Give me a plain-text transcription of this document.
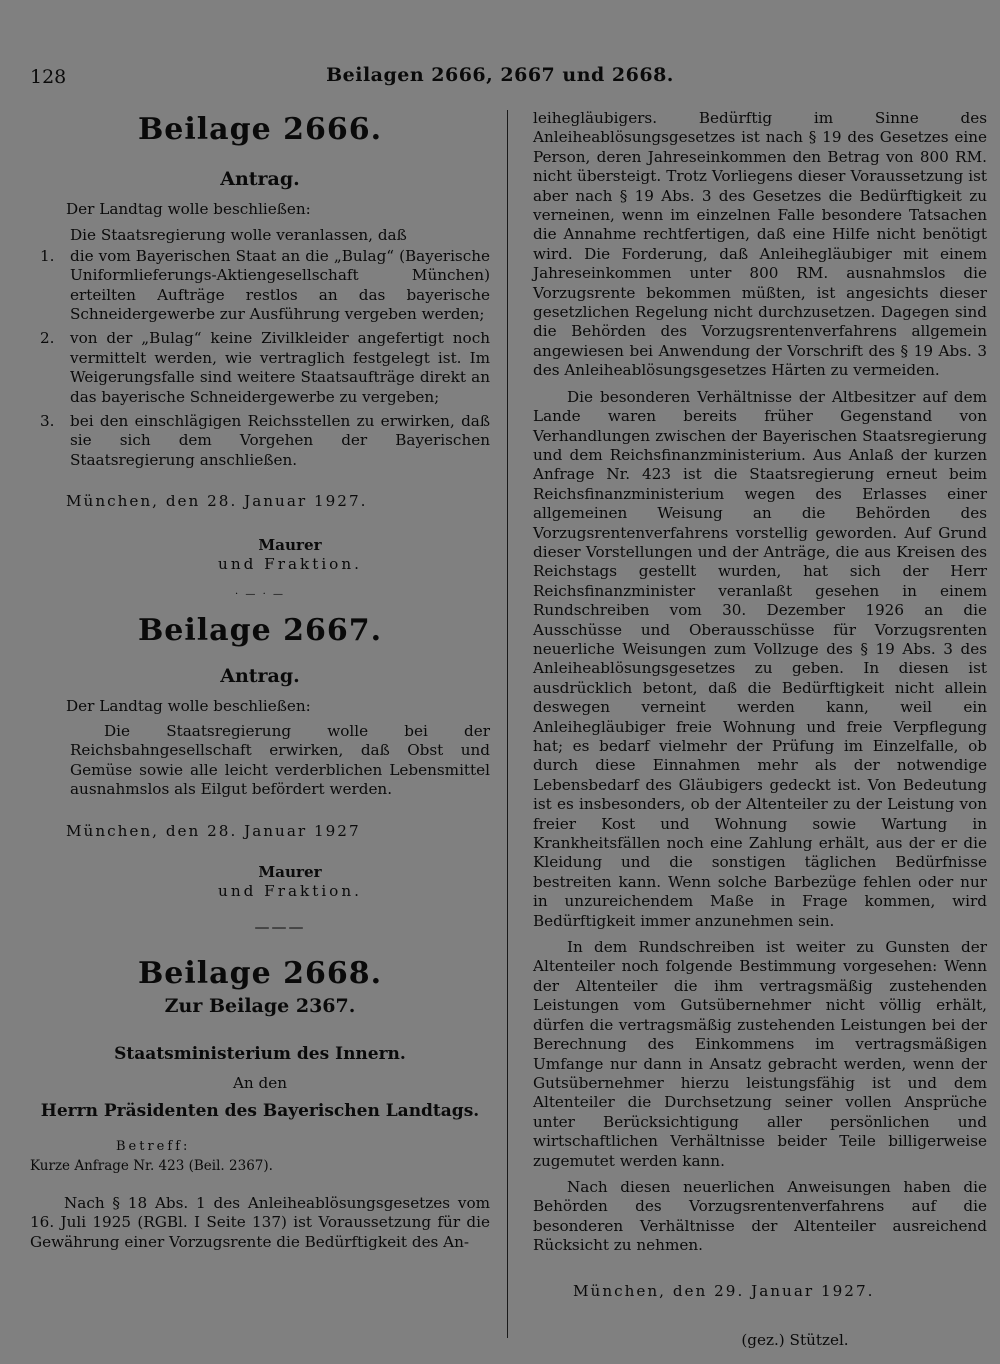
128	Beilagen 2666, 2667 und 2668.
Beilage 2666.
Antrag.

Der Landtag wolle beschließen:

Die Staatsregierung wolle veranlassen, daß

1. die vom Bayerischen Staat an die „Bulag“ (Bayerische Uniformlieferungs-Aktiengesellschaft München) erteilten Aufträge restlos an das bayerische Schneidergewerbe zur Ausführung vergeben werden;
2. von der „Bulag“ keine Zivilkleider angefertigt noch vermittelt werden, wie vertraglich festgelegt ist. Im Weigerungsfalle sind weitere Staatsaufträge direkt an das bayerische Schneidergewerbe zu vergeben;
3. bei den einschlägigen Reichsstellen zu erwirken, daß sie sich dem Vorgehen der Bayerischen Staatsregierung anschließen.

München, den 28. Januar 1927.

Maurer

und Fraktion.

· — · —
Beilage 2667.
Antrag.

Der Landtag wolle beschließen:

Die Staatsregierung wolle bei der Reichsbahngesellschaft erwirken, daß Obst und Gemüse sowie alle leicht verderblichen Lebensmittel ausnahmslos als Eilgut befördert werden.

München, den 28. Januar 1927

Maurer

und Fraktion.

———
Beilage 2668.
Zur Beilage 2367.
Staatsministerium des Innern.

An den

Herrn Präsidenten des Bayerischen Landtags.

Betreff:

Kurze Anfrage Nr. 423 (Beil. 2367).

Nach § 18 Abs. 1 des Anleiheablösungsgesetzes vom 16. Juli 1925 (RGBl. I Seite 137) ist Voraussetzung für die Gewährung einer Vorzugsrente die Bedürftigkeit des An-

leihegläubigers. Bedürftig im Sinne des Anleiheablösungsgesetzes ist nach § 19 des Gesetzes eine Person, deren Jahreseinkommen den Betrag von 800 RM. nicht übersteigt. Trotz Vorliegens dieser Voraussetzung ist aber nach § 19 Abs. 3 des Gesetzes die Bedürftigkeit zu verneinen, wenn im einzelnen Falle besondere Tatsachen die Annahme rechtfertigen, daß eine Hilfe nicht benötigt wird. Die Forderung, daß Anleihegläubiger mit einem Jahreseinkommen unter 800 RM. ausnahmslos die Vorzugsrente bekommen müßten, ist angesichts dieser gesetzlichen Regelung nicht durchzusetzen. Dagegen sind die Behörden des Vorzugsrentenverfahrens allgemein angewiesen bei Anwendung der Vorschrift des § 19 Abs. 3 des Anleiheablösungsgesetzes Härten zu vermeiden.

Die besonderen Verhältnisse der Altbesitzer auf dem Lande waren bereits früher Gegenstand von Verhandlungen zwischen der Bayerischen Staatsregierung und dem Reichsfinanzministerium. Aus Anlaß der kurzen Anfrage Nr. 423 ist die Staatsregierung erneut beim Reichsfinanzministerium wegen des Erlasses einer allgemeinen Weisung an die Behörden des Vorzugsrentenverfahrens vorstellig geworden. Auf Grund dieser Vorstellungen und der Anträge, die aus Kreisen des Reichstags gestellt wurden, hat sich der Herr Reichsfinanzminister veranlaßt gesehen in einem Rundschreiben vom 30. Dezember 1926 an die Ausschüsse und Oberausschüsse für Vorzugsrenten neuerliche Weisungen zum Vollzuge des § 19 Abs. 3 des Anleiheablösungsgesetzes zu geben. In diesen ist ausdrücklich betont, daß die Bedürftigkeit nicht allein deswegen verneint werden kann, weil ein Anleihegläubiger freie Wohnung und freie Verpflegung hat; es bedarf vielmehr der Prüfung im Einzelfalle, ob durch diese Einnahmen mehr als der notwendige Lebensbedarf des Gläubigers gedeckt ist. Von Bedeutung ist es insbesonders, ob der Altenteiler zu der Leistung von freier Kost und Wohnung sowie Wartung in Krankheitsfällen noch eine Zahlung erhält, aus der er die Kleidung und die sonstigen täglichen Bedürfnisse bestreiten kann. Wenn solche Barbezüge fehlen oder nur in unzureichendem Maße in Frage kommen, wird Bedürftigkeit immer anzunehmen sein.

In dem Rundschreiben ist weiter zu Gunsten der Altenteiler noch folgende Bestimmung vorgesehen: Wenn der Altenteiler die ihm vertragsmäßig zustehenden Leistungen vom Gutsübernehmer nicht völlig erhält, dürfen die vertragsmäßig zustehenden Leistungen bei der Berechnung des Einkommens im vertragsmäßigen Umfange nur dann in Ansatz gebracht werden, wenn der Gutsübernehmer hierzu leistungsfähig ist und dem Altenteiler die Durchsetzung seiner vollen Ansprüche unter Berücksichtigung aller persönlichen und wirtschaftlichen Verhältnisse beider Teile billigerweise zugemutet werden kann.

Nach diesen neuerlichen Anweisungen haben die Behörden des Vorzugsrentenverfahrens auf die besonderen Verhältnisse der Altenteiler ausreichend Rücksicht zu nehmen.

München, den 29. Januar 1927.

(gez.) Stützel.
